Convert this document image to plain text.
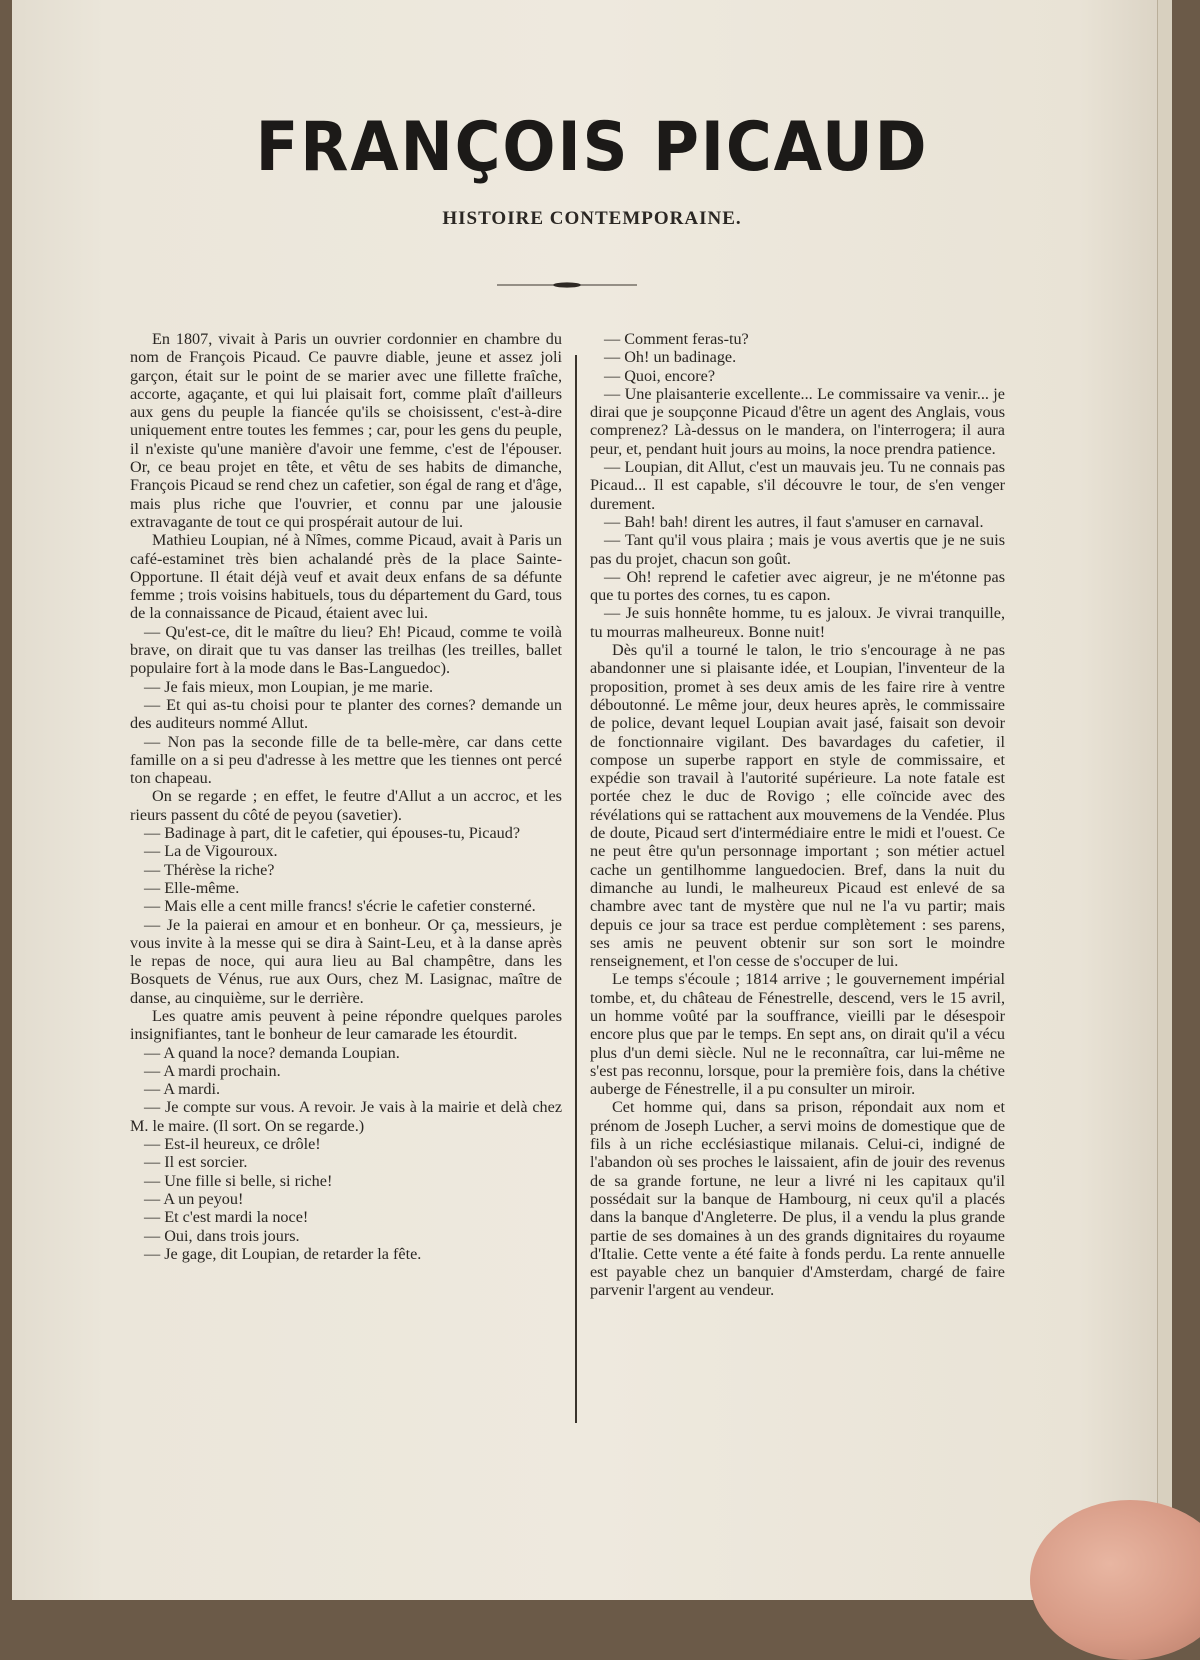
FRANÇOIS PICAUD
HISTOIRE CONTEMPORAINE.

En 1807, vivait à Paris un ouvrier cordonnier en chambre du nom de François Picaud. Ce pauvre diable, jeune et assez joli garçon, était sur le point de se marier avec une fillette fraîche, accorte, agaçante, et qui lui plaisait fort, comme plaît d'ailleurs aux gens du peuple la fiancée qu'ils se choisissent, c'est-à-dire uniquement entre toutes les femmes ; car, pour les gens du peuple, il n'existe qu'une manière d'avoir une femme, c'est de l'épouser. Or, ce beau projet en tête, et vêtu de ses habits de dimanche, François Picaud se rend chez un cafetier, son égal de rang et d'âge, mais plus riche que l'ouvrier, et connu par une jalousie extravagante de tout ce qui prospérait autour de lui.

Mathieu Loupian, né à Nîmes, comme Picaud, avait à Paris un café-estaminet très bien achalandé près de la place Sainte-Opportune. Il était déjà veuf et avait deux enfans de sa défunte femme ; trois voisins habituels, tous du département du Gard, tous de la connaissance de Picaud, étaient avec lui.

— Qu'est-ce, dit le maître du lieu? Eh! Picaud, comme te voilà brave, on dirait que tu vas danser las treilhas (les treilles, ballet populaire fort à la mode dans le Bas-Languedoc).

— Je fais mieux, mon Loupian, je me marie.

— Et qui as-tu choisi pour te planter des cornes? demande un des auditeurs nommé Allut.

— Non pas la seconde fille de ta belle-mère, car dans cette famille on a si peu d'adresse à les mettre que les tiennes ont percé ton chapeau.

On se regarde ; en effet, le feutre d'Allut a un accroc, et les rieurs passent du côté de peyou (savetier).

— Badinage à part, dit le cafetier, qui épouses-tu, Picaud?

— La de Vigouroux.

— Thérèse la riche?

— Elle-même.

— Mais elle a cent mille francs! s'écrie le cafetier consterné.

— Je la paierai en amour et en bonheur. Or ça, messieurs, je vous invite à la messe qui se dira à Saint-Leu, et à la danse après le repas de noce, qui aura lieu au Bal champêtre, dans les Bosquets de Vénus, rue aux Ours, chez M. Lasignac, maître de danse, au cinquième, sur le derrière.

Les quatre amis peuvent à peine répondre quelques paroles insignifiantes, tant le bonheur de leur camarade les étourdit.

— A quand la noce? demanda Loupian.

— A mardi prochain.

— A mardi.

— Je compte sur vous. A revoir. Je vais à la mairie et delà chez M. le maire. (Il sort. On se regarde.)

— Est-il heureux, ce drôle!

— Il est sorcier.

— Une fille si belle, si riche!

— A un peyou!

— Et c'est mardi la noce!

— Oui, dans trois jours.

— Je gage, dit Loupian, de retarder la fête.

— Comment feras-tu?

— Oh! un badinage.

— Quoi, encore?

— Une plaisanterie excellente... Le commissaire va venir... je dirai que je soupçonne Picaud d'être un agent des Anglais, vous comprenez? Là-dessus on le mandera, on l'interrogera; il aura peur, et, pendant huit jours au moins, la noce prendra patience.

— Loupian, dit Allut, c'est un mauvais jeu. Tu ne connais pas Picaud... Il est capable, s'il découvre le tour, de s'en venger durement.

— Bah! bah! dirent les autres, il faut s'amuser en carnaval.

— Tant qu'il vous plaira ; mais je vous avertis que je ne suis pas du projet, chacun son goût.

— Oh! reprend le cafetier avec aigreur, je ne m'étonne pas que tu portes des cornes, tu es capon.

— Je suis honnête homme, tu es jaloux. Je vivrai tranquille, tu mourras malheureux. Bonne nuit!

Dès qu'il a tourné le talon, le trio s'encourage à ne pas abandonner une si plaisante idée, et Loupian, l'inventeur de la proposition, promet à ses deux amis de les faire rire à ventre déboutonné. Le même jour, deux heures après, le commissaire de police, devant lequel Loupian avait jasé, faisait son devoir de fonctionnaire vigilant. Des bavardages du cafetier, il compose un superbe rapport en style de commissaire, et expédie son travail à l'autorité supérieure. La note fatale est portée chez le duc de Rovigo ; elle coïncide avec des révélations qui se rattachent aux mouvemens de la Vendée. Plus de doute, Picaud sert d'intermédiaire entre le midi et l'ouest. Ce ne peut être qu'un personnage important ; son métier actuel cache un gentilhomme languedocien. Bref, dans la nuit du dimanche au lundi, le malheureux Picaud est enlevé de sa chambre avec tant de mystère que nul ne l'a vu partir; mais depuis ce jour sa trace est perdue complètement : ses parens, ses amis ne peuvent obtenir sur son sort le moindre renseignement, et l'on cesse de s'occuper de lui.

Le temps s'écoule ; 1814 arrive ; le gouvernement impérial tombe, et, du château de Fénestrelle, descend, vers le 15 avril, un homme voûté par la souffrance, vieilli par le désespoir encore plus que par le temps. En sept ans, on dirait qu'il a vécu plus d'un demi siècle. Nul ne le reconnaîtra, car lui-même ne s'est pas reconnu, lorsque, pour la première fois, dans la chétive auberge de Fénestrelle, il a pu consulter un miroir.

Cet homme qui, dans sa prison, répondait aux nom et prénom de Joseph Lucher, a servi moins de domestique que de fils à un riche ecclésiastique milanais. Celui-ci, indigné de l'abandon où ses proches le laissaient, afin de jouir des revenus de sa grande fortune, ne leur a livré ni les capitaux qu'il possédait sur la banque de Hambourg, ni ceux qu'il a placés dans la banque d'Angleterre. De plus, il a vendu la plus grande partie de ses domaines à un des grands dignitaires du royaume d'Italie. Cette vente a été faite à fonds perdu. La rente annuelle est payable chez un banquier d'Amsterdam, chargé de faire parvenir l'argent au vendeur.
